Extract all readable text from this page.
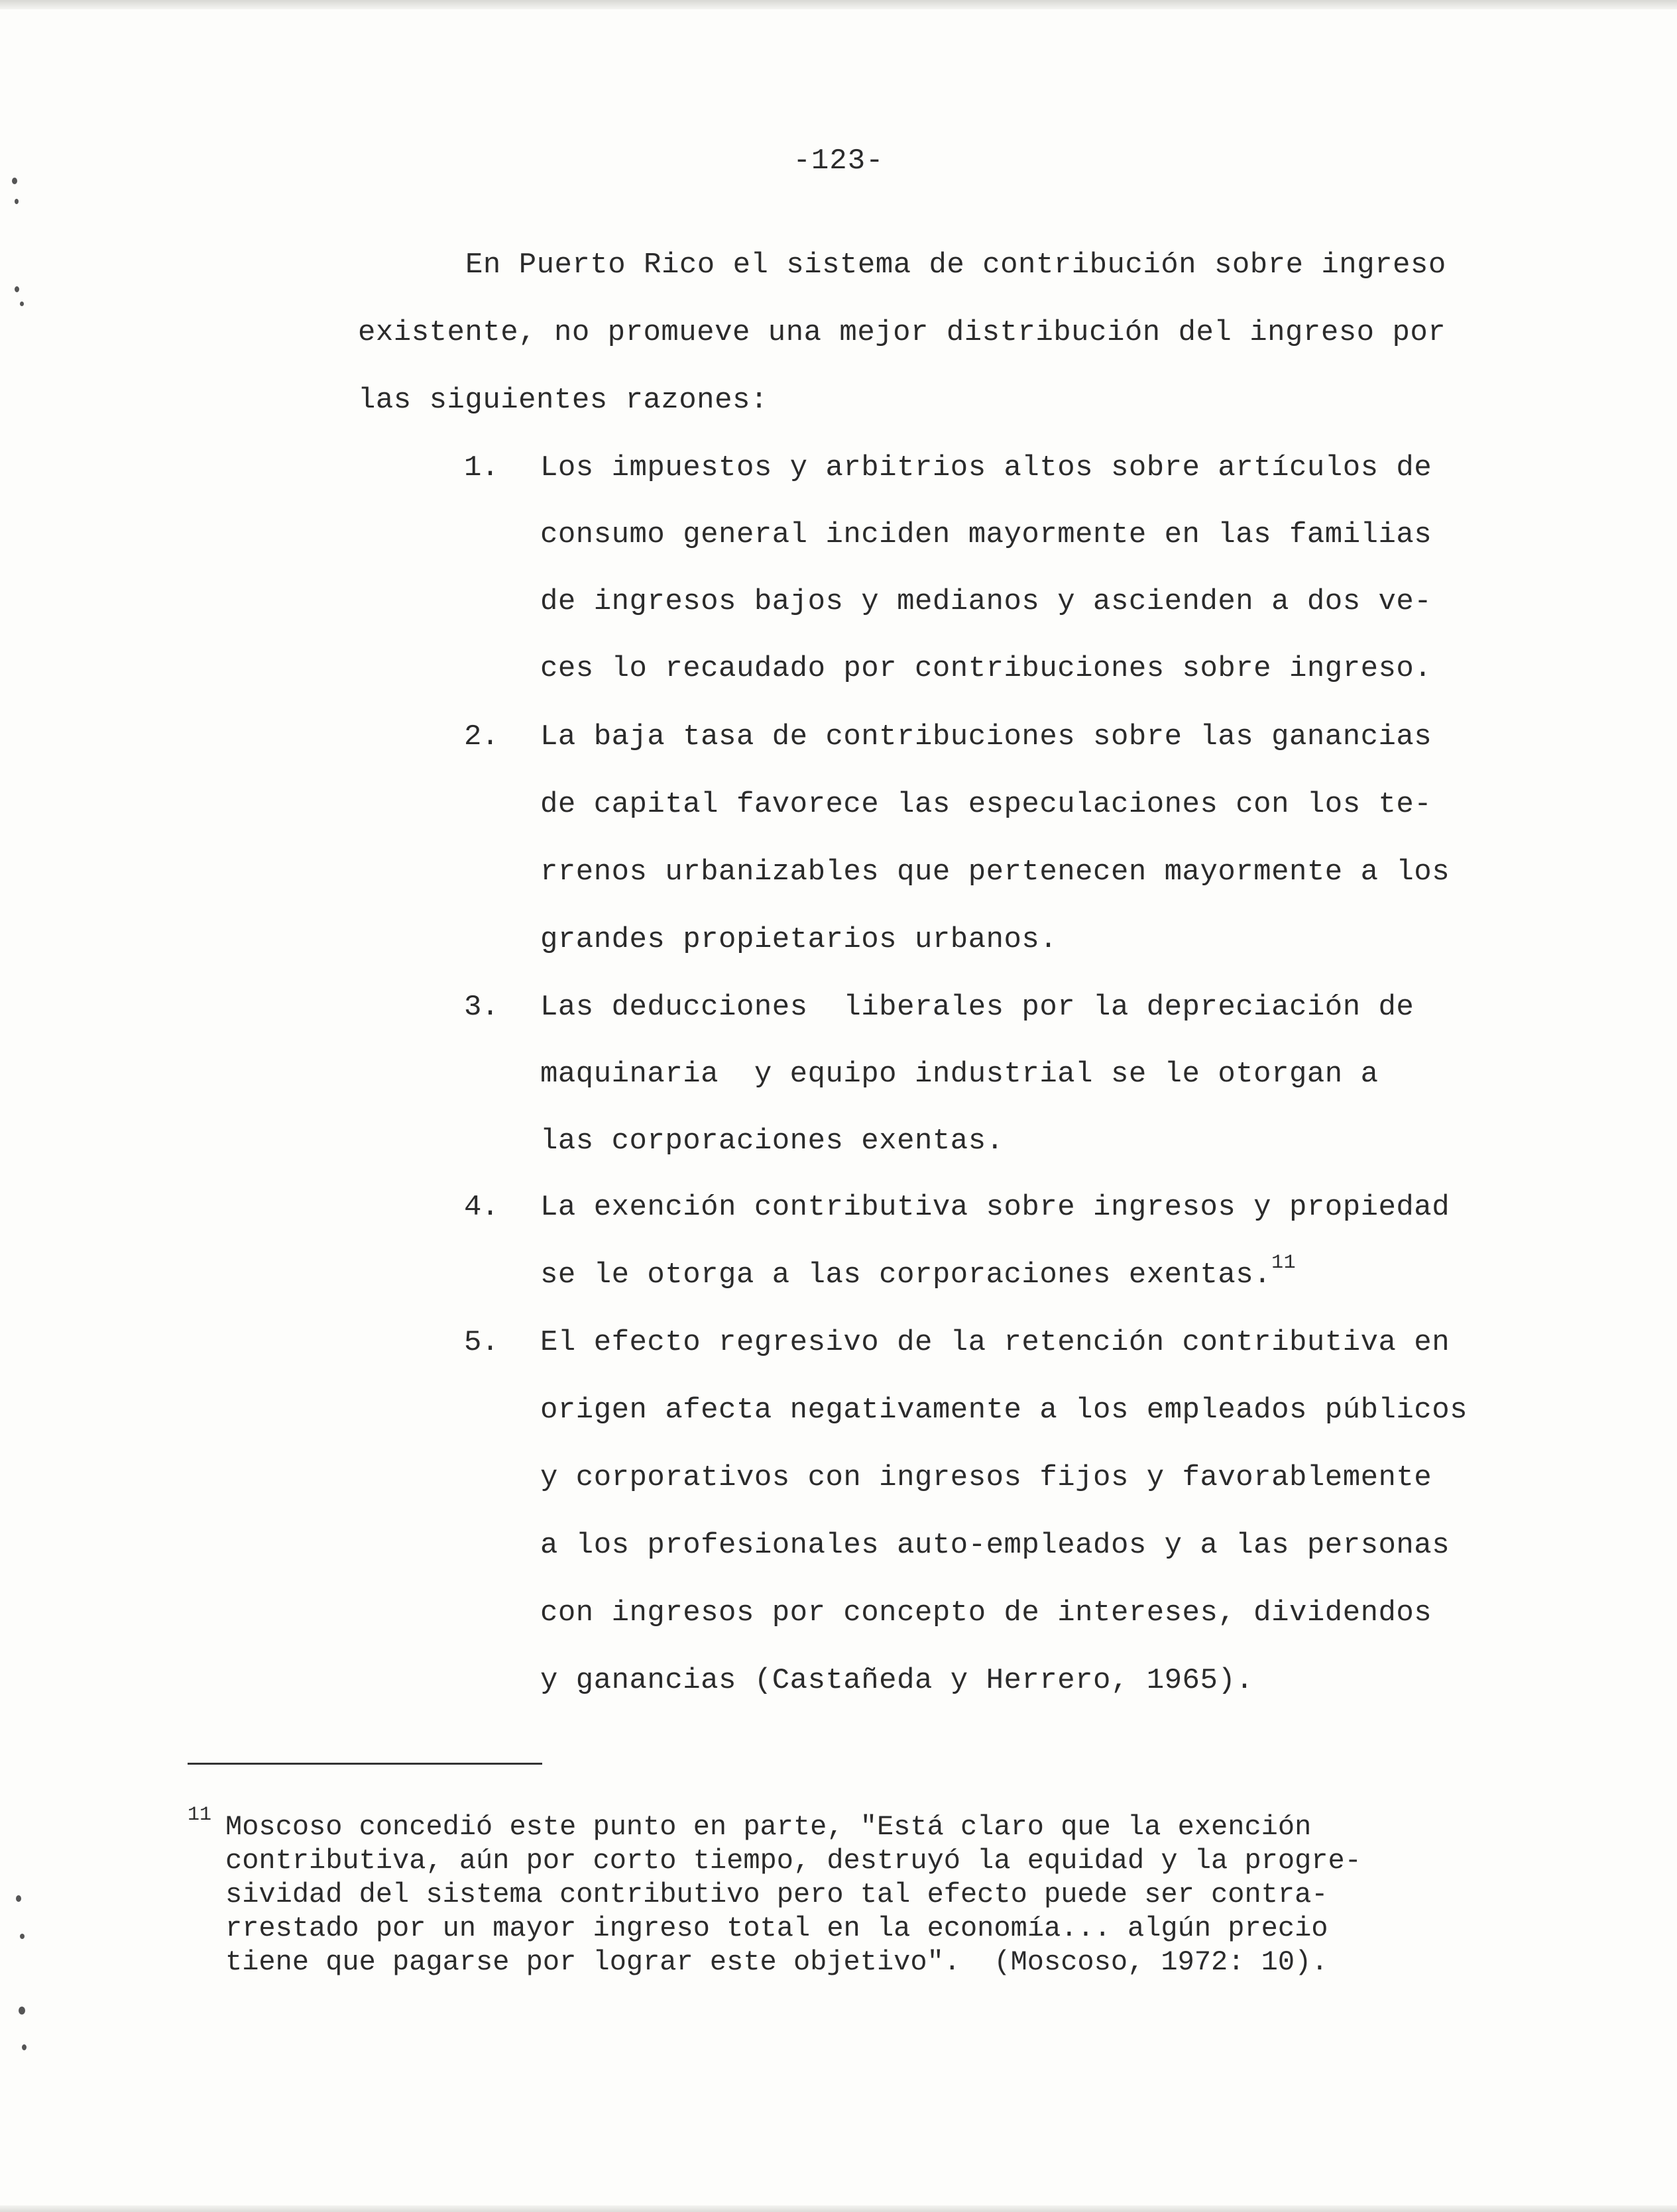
-123-
En Puerto Rico el sistema de contribución sobre ingreso
existente, no promueve una mejor distribución del ingreso por
las siguientes razones:
1. Los impuestos y arbitrios altos sobre artículos de
consumo general inciden mayormente en las familias
de ingresos bajos y medianos y ascienden a dos ve-
ces lo recaudado por contribuciones sobre ingreso.
2. La baja tasa de contribuciones sobre las ganancias
de capital favorece las especulaciones con los te-
rrenos urbanizables que pertenecen mayormente a los
grandes propietarios urbanos.
3. Las deducciones  liberales por la depreciación de
maquinaria  y equipo industrial se le otorgan a
las corporaciones exentas.
4. La exención contributiva sobre ingresos y propiedad
se le otorga a las corporaciones exentas.$^{11}$
5. El efecto regresivo de la retención contributiva en
origen afecta negativamente a los empleados públicos
y corporativos con ingresos fijos y favorablemente
a los profesionales auto-empleados y a las personas
con ingresos por concepto de intereses, dividendos
y ganancias (Castañeda y Herrero, 1965).
11 Moscoso concedió este punto en parte, "Está claro que la exención
contributiva, aún por corto tiempo, destruyó la equidad y la progre-
sividad del sistema contributivo pero tal efecto puede ser contra-
rrestado por un mayor ingreso total en la economía... algún precio
tiene que pagarse por lograr este objetivo".  (Moscoso, 1972: 10).
